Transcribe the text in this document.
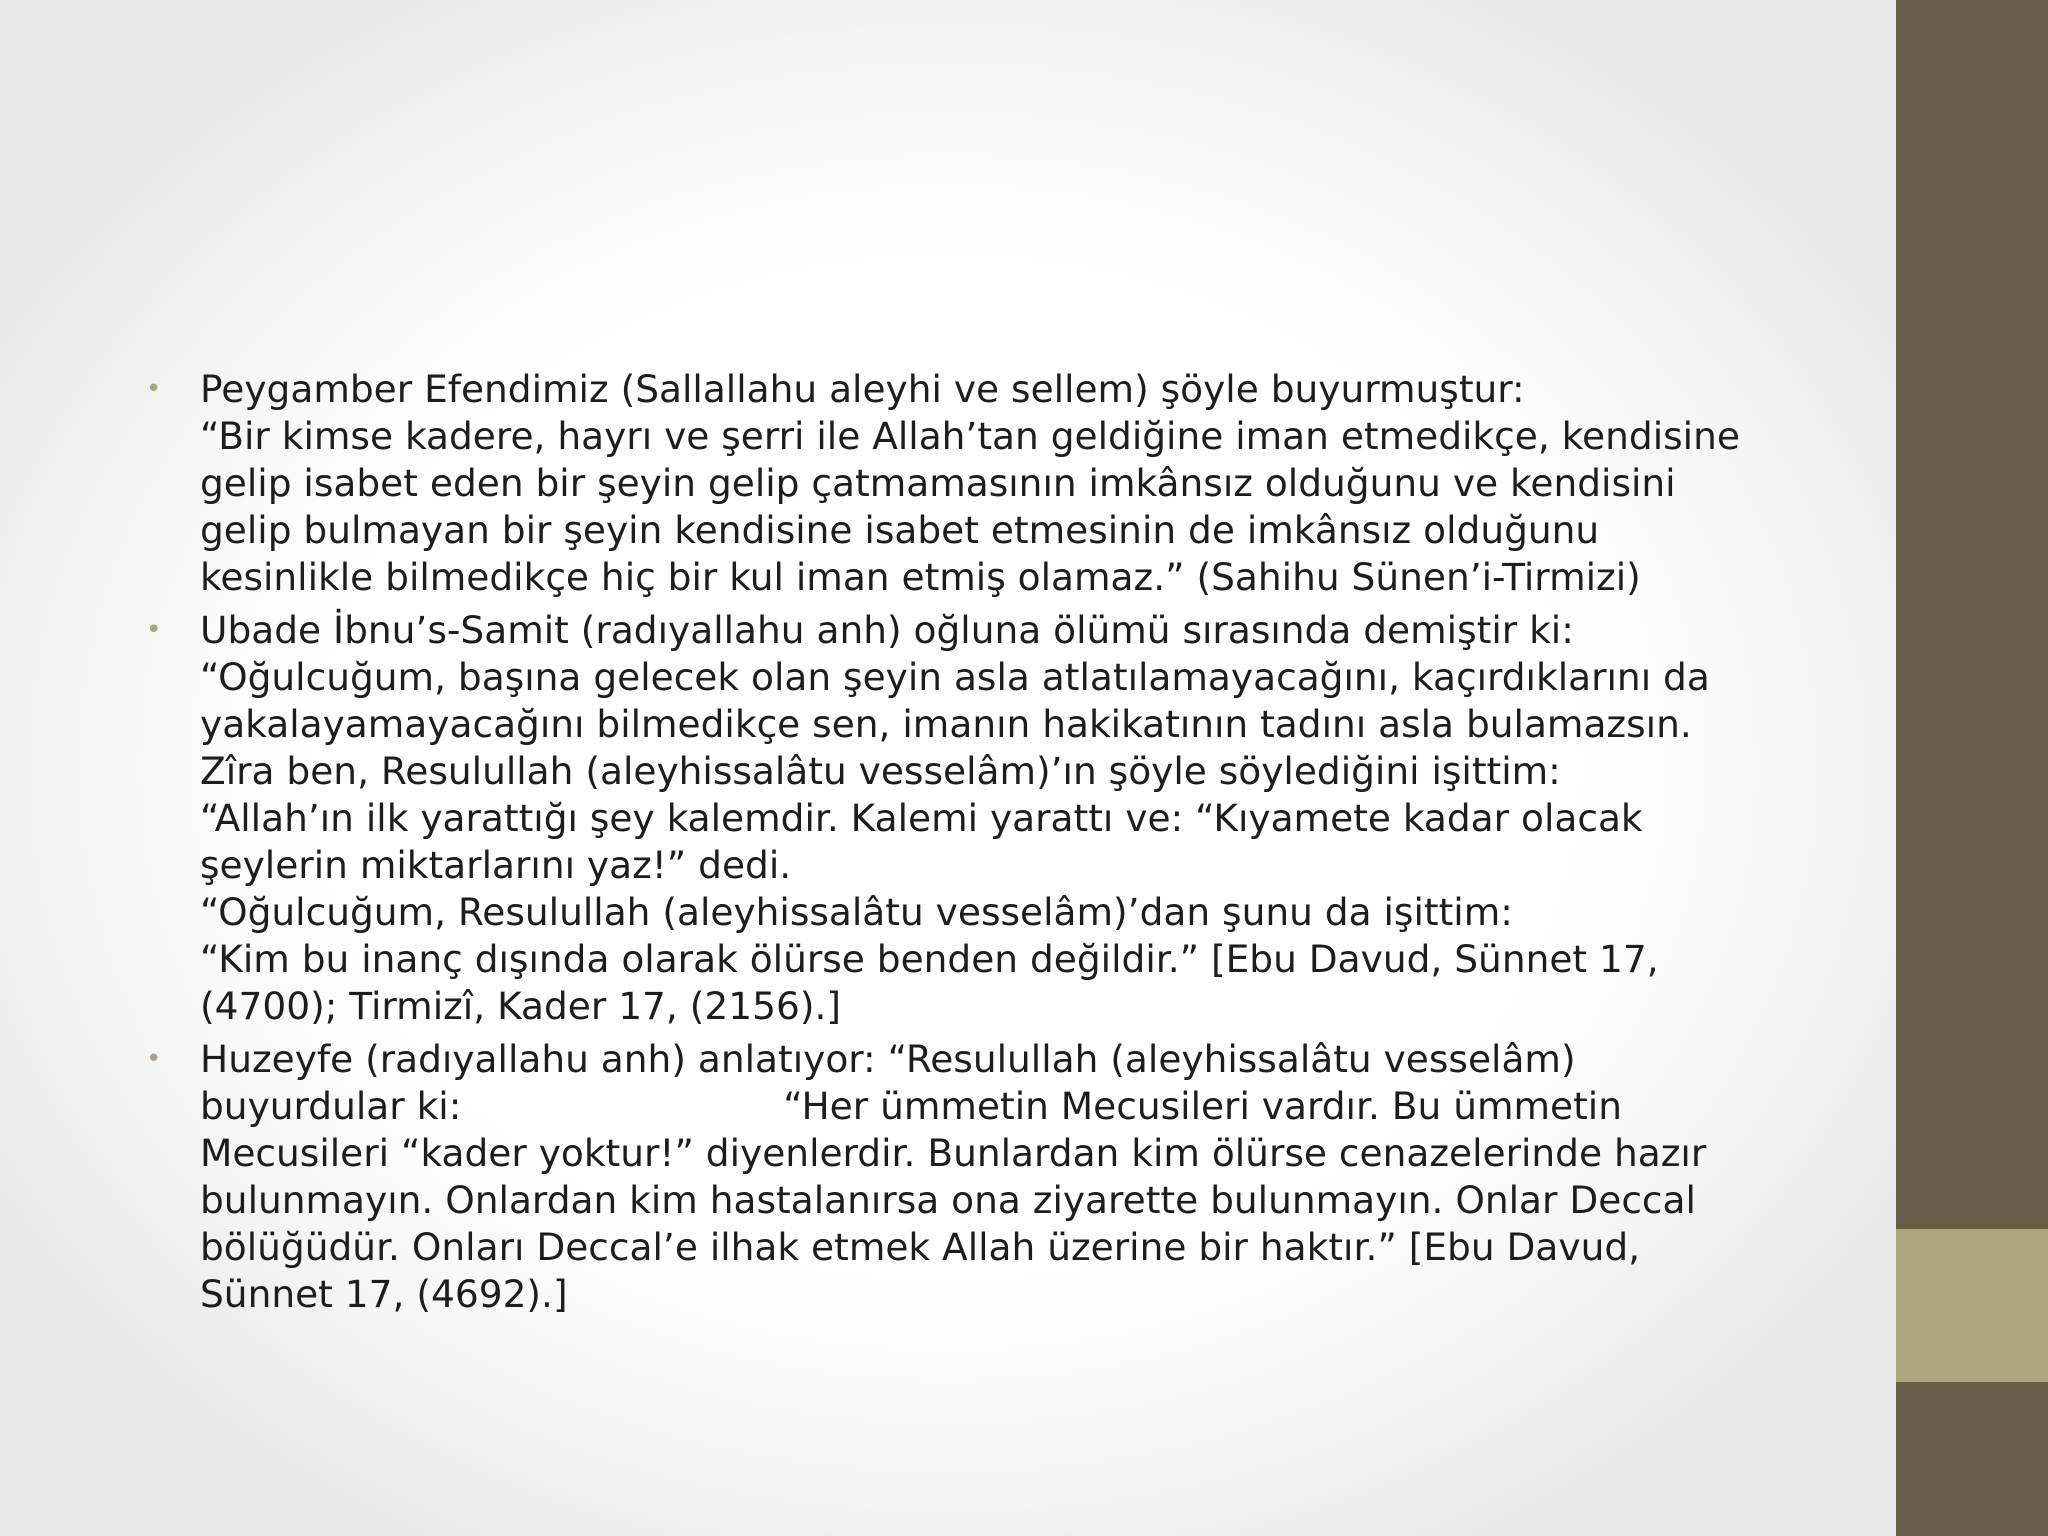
• Peygamber Efendimiz (Sallallahu aleyhi ve sellem) şöyle buyurmuştur:
“Bir kimse kadere, hayrı ve şerri ile Allah’tan geldiğine iman etmedikçe, kendisine
gelip isabet eden bir şeyin gelip çatmamasının imkânsız olduğunu ve kendisini
gelip bulmayan bir şeyin kendisine isabet etmesinin de imkânsız olduğunu
kesinlikle bilmedikçe hiç bir kul iman etmiş olamaz.” (Sahihu Sünen’i-Tirmizi)
• Ubade İbnu’s-Samit (radıyallahu anh) oğluna ölümü sırasında demiştir ki:
“Oğulcuğum, başına gelecek olan şeyin asla atlatılamayacağını, kaçırdıklarını da
yakalayamayacağını bilmedikçe sen, imanın hakikatının tadını asla bulamazsın.
Zîra ben, Resulullah (aleyhissalâtu vesselâm)’ın şöyle söylediğini işittim:
“Allah’ın ilk yarattığı şey kalemdir. Kalemi yarattı ve: “Kıyamete kadar olacak
şeylerin miktarlarını yaz!” dedi.
“Oğulcuğum, Resulullah (aleyhissalâtu vesselâm)’dan şunu da işittim:
“Kim bu inanç dışında olarak ölürse benden değildir.” [Ebu Davud, Sünnet 17,
(4700); Tirmizî, Kader 17, (2156).]
• Huzeyfe (radıyallahu anh) anlatıyor: “Resulullah (aleyhissalâtu vesselâm)
buyurdular ki:                           “Her ümmetin Mecusileri vardır. Bu ümmetin
Mecusileri “kader yoktur!” diyenlerdir. Bunlardan kim ölürse cenazelerinde hazır
bulunmayın. Onlardan kim hastalanırsa ona ziyarette bulunmayın. Onlar Deccal
bölüğüdür. Onları Deccal’e ilhak etmek Allah üzerine bir haktır.” [Ebu Davud,
Sünnet 17, (4692).]
